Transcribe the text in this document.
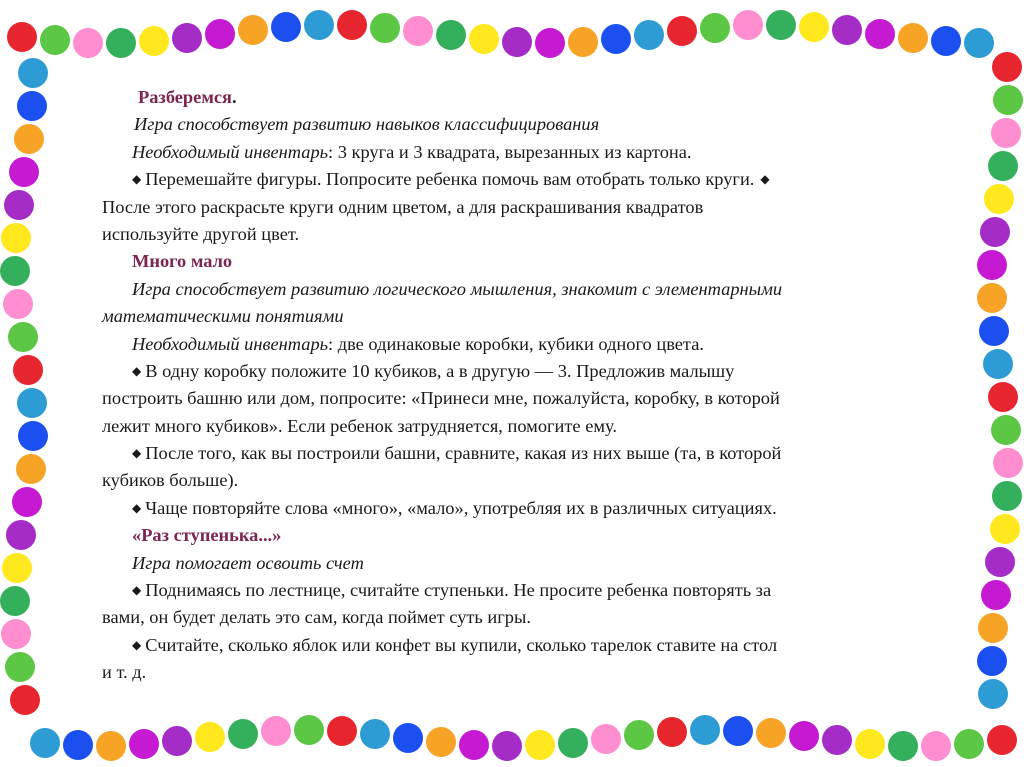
Разберемся.
Игра способствует развитию навыков классифицирования
Необходимый инвентарь: 3 круга и 3 квадрата, вырезанных из картона.
◆ Перемешайте фигуры. Попросите ребенка помочь вам отобрать только круги. ◆
После этого раскрасьте круги одним цветом, а для раскрашивания квадратов
используйте другой цвет.
Много мало
Игра способствует развитию логического мышления, знакомит с элементарными
математическими понятиями
Необходимый инвентарь: две одинаковые коробки, кубики одного цвета.
◆ В одну коробку положите 10 кубиков, а в другую — 3. Предложив малышу
построить башню или дом, попросите: «Принеси мне, пожалуйста, коробку, в которой
лежит много кубиков». Если ребенок затрудняется, помогите ему.
◆ После того, как вы построили башни, сравните, какая из них выше (та, в которой
кубиков больше).
◆ Чаще повторяйте слова «много», «мало», употребляя их в различных ситуациях.
«Раз ступенька...»
Игра помогает освоить счет
◆ Поднимаясь по лестнице, считайте ступеньки. Не просите ребенка повторять за
вами, он будет делать это сам, когда поймет суть игры.
◆ Считайте, сколько яблок или конфет вы купили, сколько тарелок ставите на стол
и т. д.
